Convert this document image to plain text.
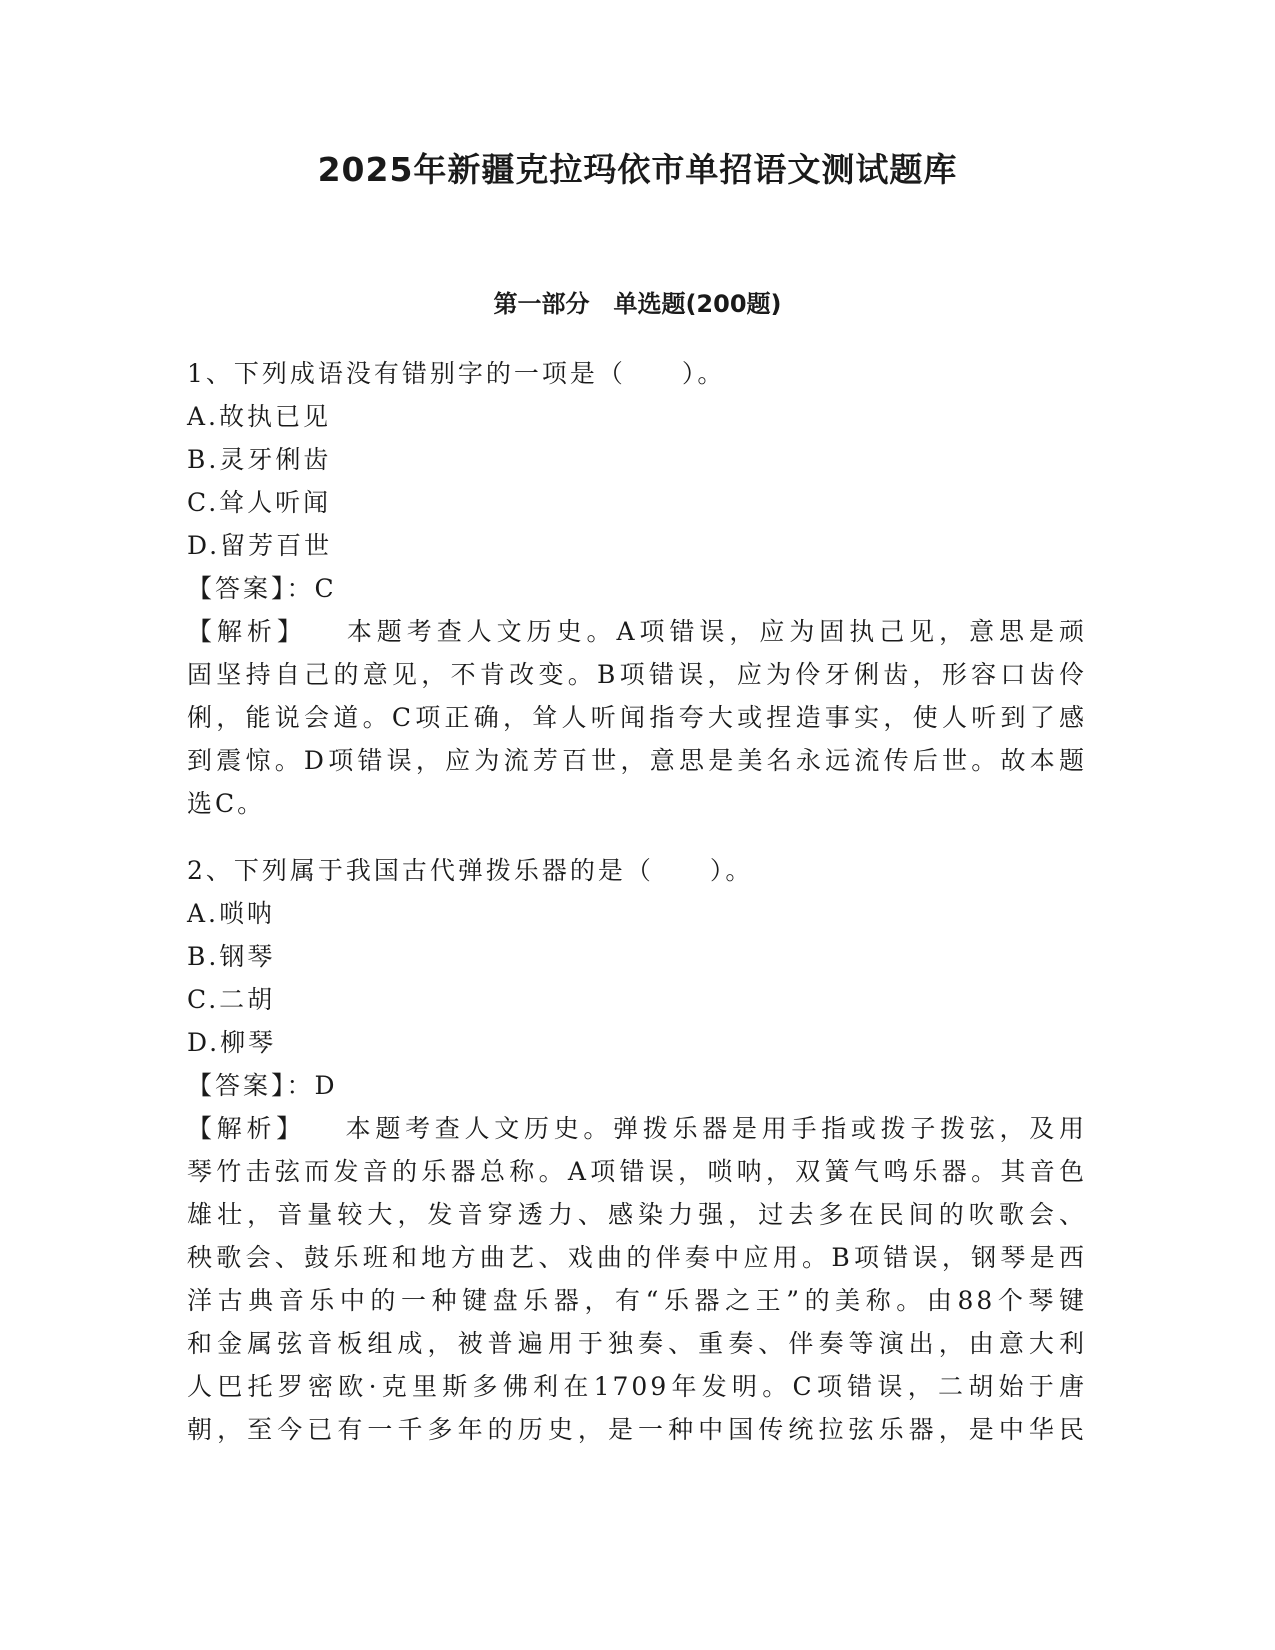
2025年新疆克拉玛依市单招语文测试题库
第一部分　单选题(200题)
1、下列成语没有错别字的一项是（　　）。
A.故执已见
B.灵牙俐齿
C.耸人听闻
D.留芳百世
【答案】：C
【解析】 本题考查人文历史。A项错误，应为固执己见，意思是顽
固坚持自己的意见，不肯改变。B项错误，应为伶牙俐齿，形容口齿伶
俐，能说会道。C项正确，耸人听闻指夸大或捏造事实，使人听到了感
到震惊。D项错误，应为流芳百世，意思是美名永远流传后世。故本题
选C。
2、下列属于我国古代弹拨乐器的是（　　）。
A.唢呐
B.钢琴
C.二胡
D.柳琴
【答案】：D
【解析】 本题考查人文历史。弹拨乐器是用手指或拨子拨弦，及用
琴竹击弦而发音的乐器总称。A项错误，唢呐，双簧气鸣乐器。其音色
雄壮，音量较大，发音穿透力、感染力强，过去多在民间的吹歌会、
秧歌会、鼓乐班和地方曲艺、戏曲的伴奏中应用。B项错误，钢琴是西
洋古典音乐中的一种键盘乐器，有“乐器之王”的美称。由88个琴键
和金属弦音板组成，被普遍用于独奏、重奏、伴奏等演出，由意大利
人巴托罗密欧·克里斯多佛利在1709年发明。C项错误，二胡始于唐
朝，至今已有一千多年的历史，是一种中国传统拉弦乐器，是中华民
